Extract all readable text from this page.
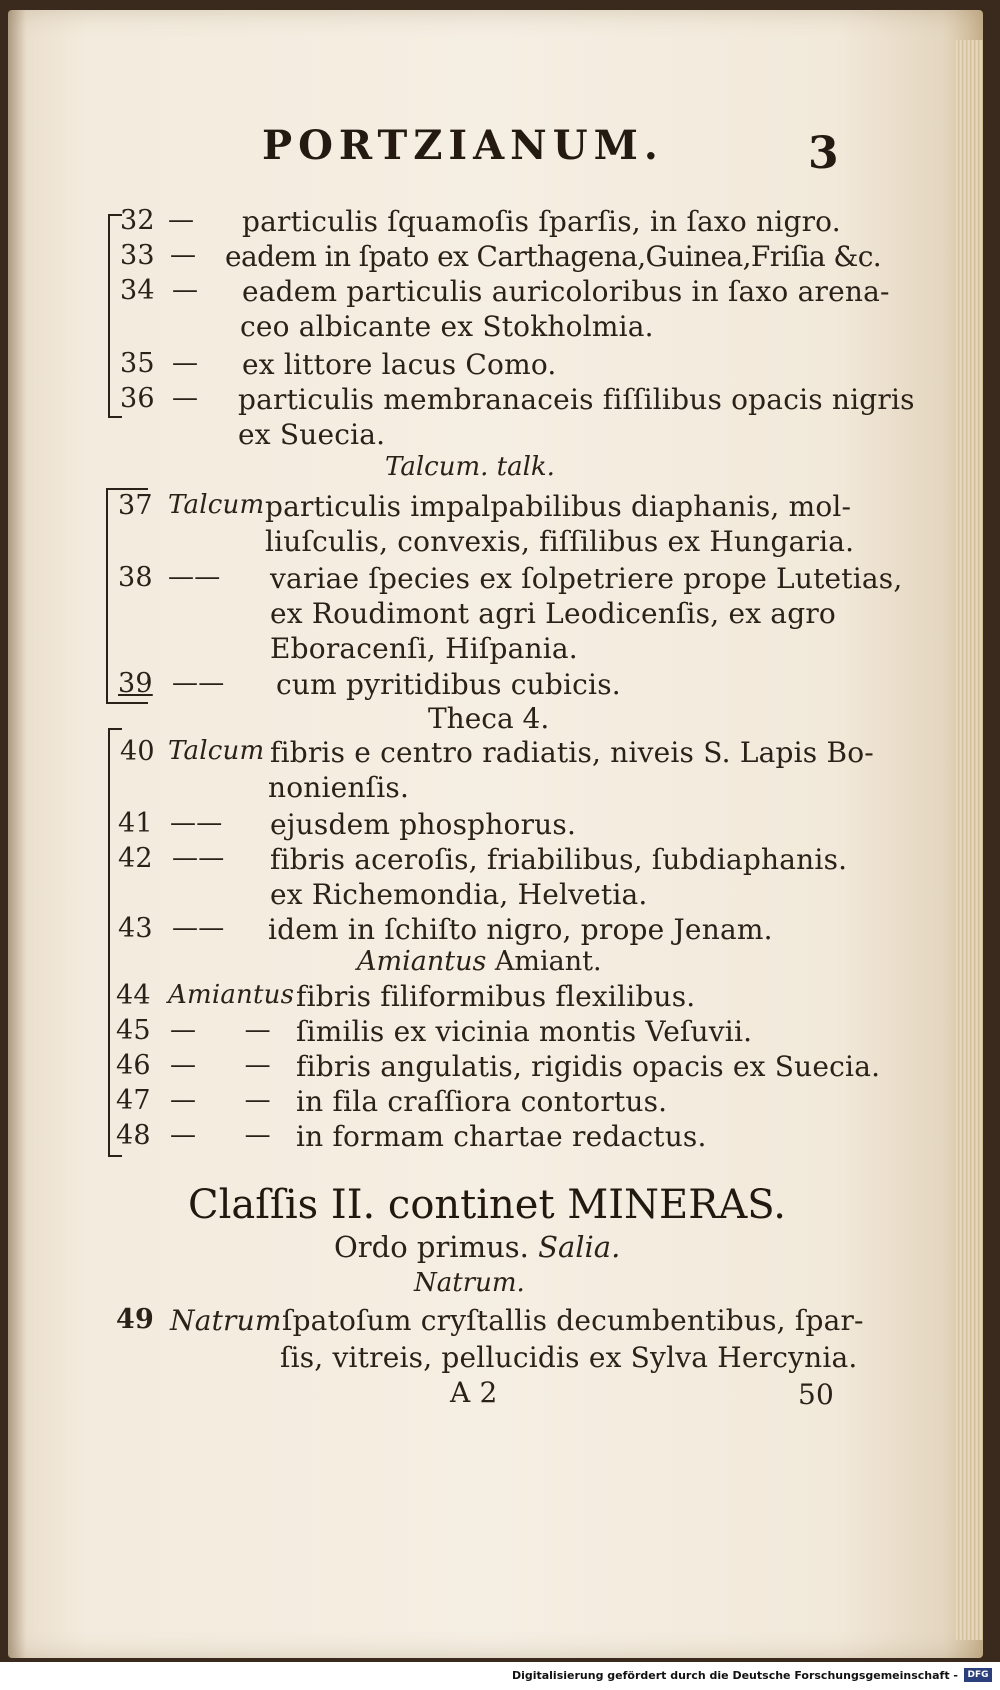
PORTZIANUM.	3
32 — particulis ſquamoſis ſparſis, in ſaxo nigro.
33 — eadem in ſpato ex Carthagena,Guinea,Friſia &c.
34 — eadem particulis auricoloribus in ſaxo arena-
ceo albicante ex Stokholmia.
35 — ex littore lacus Como.
36 — particulis membranaceis fiſſilibus opacis nigris
ex Suecia.
Talcum. talk.
37 Talcum particulis impalpabilibus diaphanis, mol-
liuſculis, convexis, fiſſilibus ex Hungaria.
38 —— variae ſpecies ex ſolpetriere prope Lutetias,
ex Roudimont agri Leodicenſis, ex agro
Eboracenſi, Hiſpania.
39 —— cum pyritidibus cubicis.
Theca 4.
40 Talcum fibris e centro radiatis, niveis S. Lapis Bo-
nonienſis.
41 —— ejusdem phosphorus.
42 —— fibris aceroſis, friabilibus, ſubdiaphanis.
ex Richemondia, Helvetia.
43 —— idem in ſchiſto nigro, prope Jenam.
Amiantus Amiant.
44 Amiantus fibris filiformibus flexilibus.
45 — — ſimilis ex vicinia montis Veſuvii.
46 — — fibris angulatis, rigidis opacis ex Suecia.
47 — — in fila craſſiora contortus.
48 — — in formam chartae redactus.
Claſſis II. continet MINERAS.
Ordo primus. Salia.
Natrum.
49 Natrum ſpatoſum cryſtallis decumbentibus, ſpar-
ſis, vitreis, pellucidis ex Sylva Hercynia.
A 2	50
Digitalisierung gefördert durch die Deutsche Forschungsgemeinschaft -	DFG
